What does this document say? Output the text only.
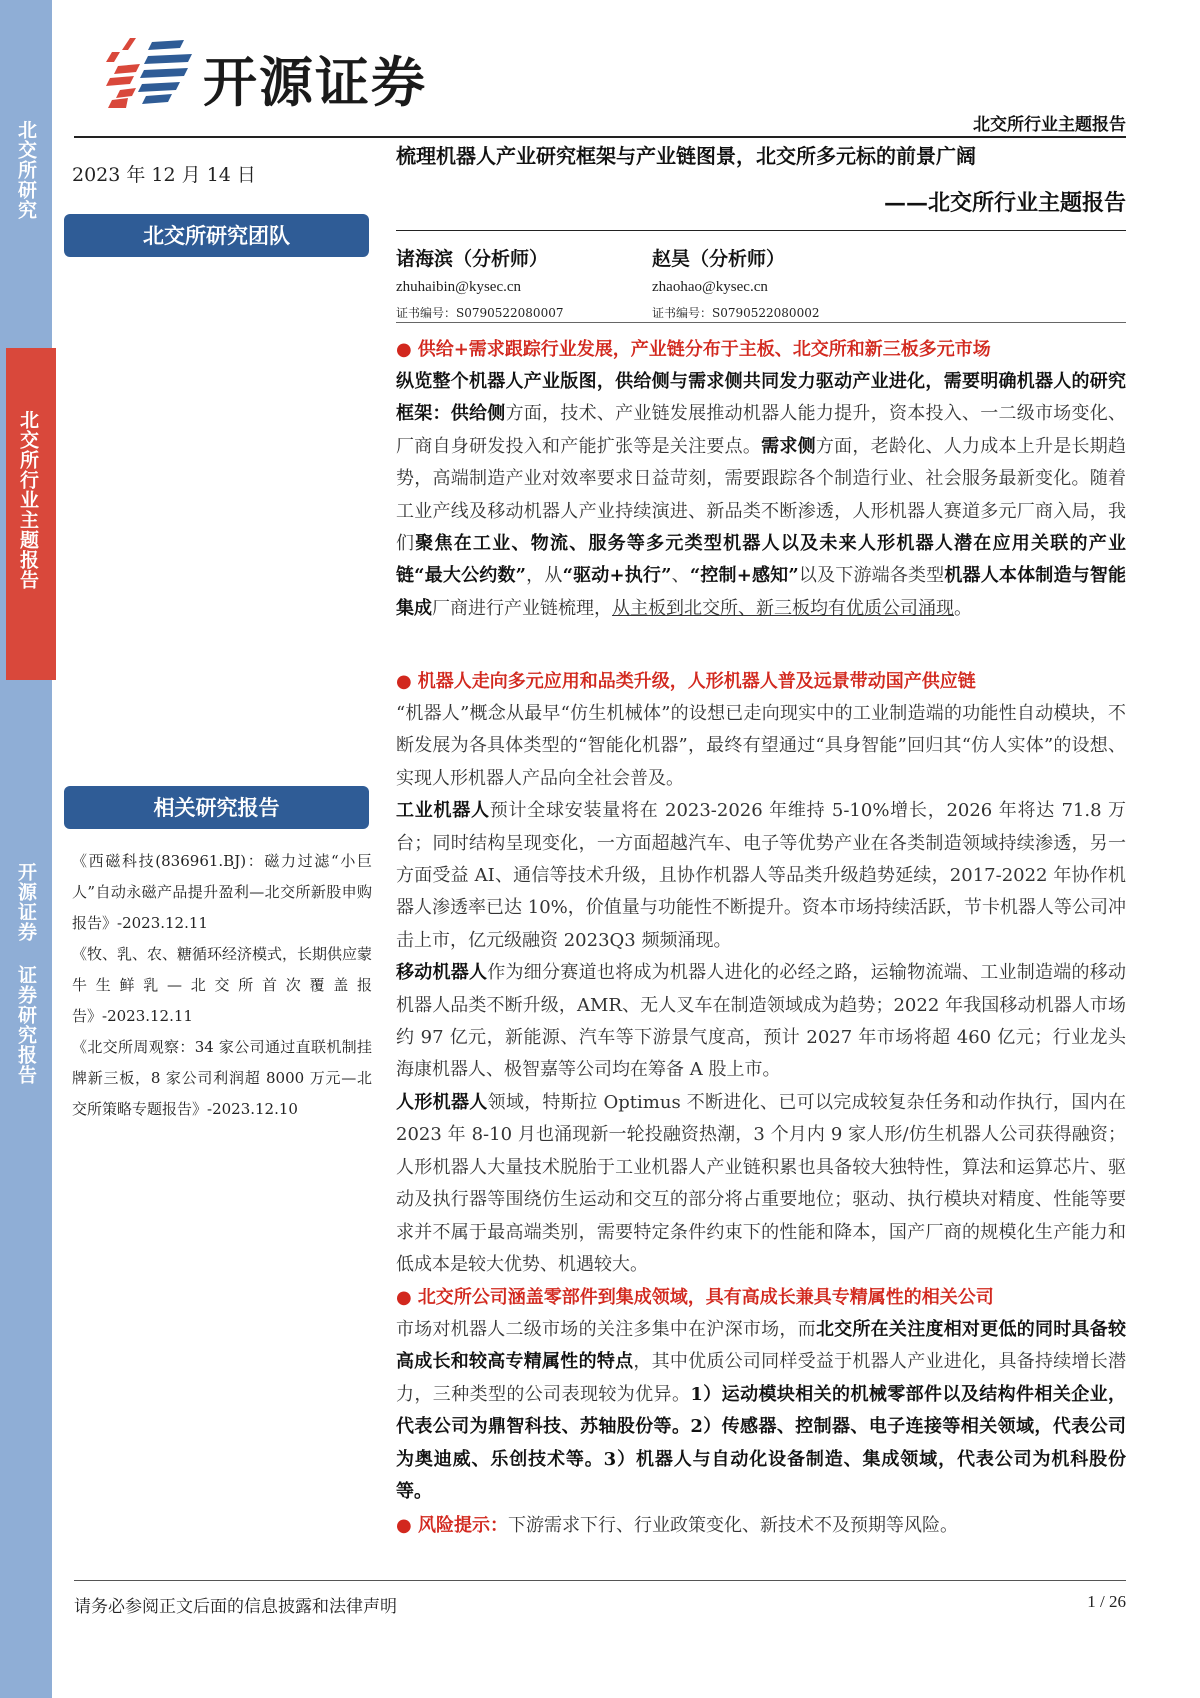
北交所研究
北交所行业主题报告
开源证券 证券研究报告
开源证券
北交所行业主题报告
2023 年 12 月 14 日
梳理机器人产业研究框架与产业链图景，北交所多元标的前景广阔
——北交所行业主题报告
北交所研究团队
诸海滨（分析师）
zhuhaibin@kysec.cn
证书编号：S0790522080007
赵昊（分析师）
zhaohao@kysec.cn
证书编号：S0790522080002
相关研究报告

《西磁科技(836961.BJ)：磁力过滤“小巨人”自动永磁产品提升盈利—北交所新股申购报告》-2023.12.11

《牧、乳、农、糖循环经济模式，长期供应蒙牛生鲜乳—北交所首次覆盖报告》-2023.12.11

《北交所周观察：34 家公司通过直联机制挂牌新三板，8 家公司利润超 8000 万元—北交所策略专题报告》-2023.12.10

● 供给+需求跟踪行业发展，产业链分布于主板、北交所和新三板多元市场

纵览整个机器人产业版图，供给侧与需求侧共同发力驱动产业进化，需要明确机器人的研究框架：供给侧方面，技术、产业链发展推动机器人能力提升，资本投入、一二级市场变化、厂商自身研发投入和产能扩张等是关注要点。需求侧方面，老龄化、人力成本上升是长期趋势，高端制造产业对效率要求日益苛刻，需要跟踪各个制造行业、社会服务最新变化。随着工业产线及移动机器人产业持续演进、新品类不断渗透，人形机器人赛道多元厂商入局，我们聚焦在工业、物流、服务等多元类型机器人以及未来人形机器人潜在应用关联的产业链“最大公约数”，从“驱动+执行”、“控制+感知”以及下游端各类型机器人本体制造与智能集成厂商进行产业链梳理，从主板到北交所、新三板均有优质公司涌现。

● 机器人走向多元应用和品类升级，人形机器人普及远景带动国产供应链

“机器人”概念从最早“仿生机械体”的设想已走向现实中的工业制造端的功能性自动模块，不断发展为各具体类型的“智能化机器”，最终有望通过“具身智能”回归其“仿人实体”的设想、实现人形机器人产品向全社会普及。

工业机器人预计全球安装量将在 2023-2026 年维持 5-10%增长，2026 年将达 71.8 万台；同时结构呈现变化，一方面超越汽车、电子等优势产业在各类制造领域持续渗透，另一方面受益 AI、通信等技术升级，且协作机器人等品类升级趋势延续，2017-2022 年协作机器人渗透率已达 10%，价值量与功能性不断提升。资本市场持续活跃，节卡机器人等公司冲击上市，亿元级融资 2023Q3 频频涌现。

移动机器人作为细分赛道也将成为机器人进化的必经之路，运输物流端、工业制造端的移动机器人品类不断升级，AMR、无人叉车在制造领域成为趋势；2022 年我国移动机器人市场约 97 亿元，新能源、汽车等下游景气度高，预计 2027 年市场将超 460 亿元；行业龙头海康机器人、极智嘉等公司均在筹备 A 股上市。

人形机器人领域，特斯拉 Optimus 不断进化、已可以完成较复杂任务和动作执行，国内在 2023 年 8-10 月也涌现新一轮投融资热潮，3 个月内 9 家人形/仿生机器人公司获得融资；人形机器人大量技术脱胎于工业机器人产业链积累也具备较大独特性，算法和运算芯片、驱动及执行器等围绕仿生运动和交互的部分将占重要地位；驱动、执行模块对精度、性能等要求并不属于最高端类别，需要特定条件约束下的性能和降本，国产厂商的规模化生产能力和低成本是较大优势、机遇较大。

● 北交所公司涵盖零部件到集成领域，具有高成长兼具专精属性的相关公司

市场对机器人二级市场的关注多集中在沪深市场，而北交所在关注度相对更低的同时具备较高成长和较高专精属性的特点，其中优质公司同样受益于机器人产业进化，具备持续增长潜力，三种类型的公司表现较为优异。1）运动模块相关的机械零部件以及结构件相关企业，代表公司为鼎智科技、苏轴股份等。2）传感器、控制器、电子连接等相关领域，代表公司为奥迪威、乐创技术等。3）机器人与自动化设备制造、集成领域，代表公司为机科股份等。

● 风险提示：下游需求下行、行业政策变化、新技术不及预期等风险。

请务必参阅正文后面的信息披露和法律声明	1 / 26
